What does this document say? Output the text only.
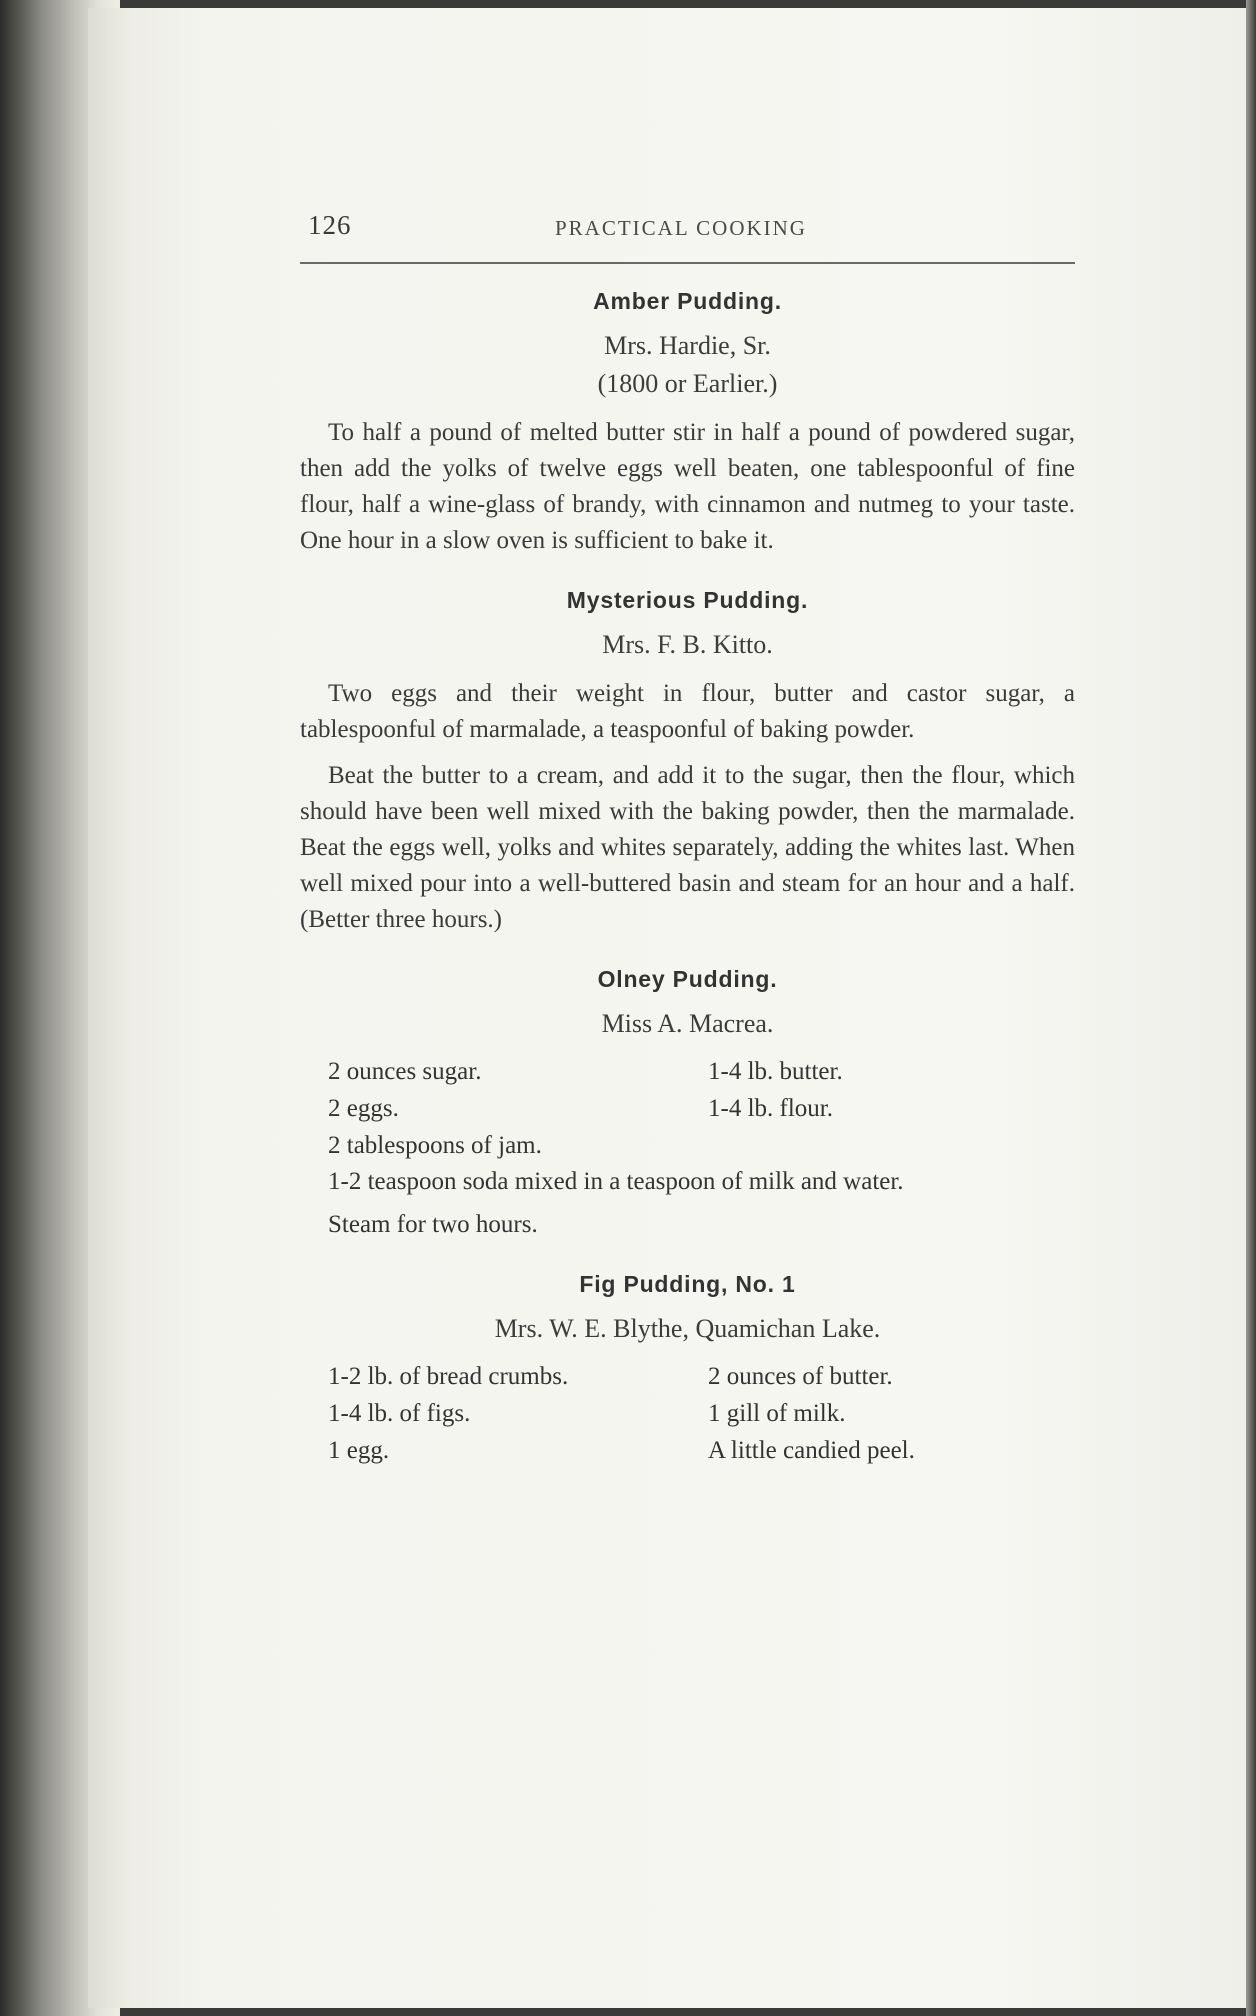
126	PRACTICAL COOKING
Amber Pudding.
Mrs. Hardie, Sr.
(1800 or Earlier.)

To half a pound of melted butter stir in half a pound of powdered sugar, then add the yolks of twelve eggs well beaten, one tablespoonful of fine flour, half a wine-glass of brandy, with cinnamon and nutmeg to your taste. One hour in a slow oven is sufficient to bake it.

Mysterious Pudding.
Mrs. F. B. Kitto.

Two eggs and their weight in flour, butter and castor sugar, a tablespoonful of marmalade, a teaspoonful of baking powder.

Beat the butter to a cream, and add it to the sugar, then the flour, which should have been well mixed with the baking powder, then the marmalade. Beat the eggs well, yolks and whites separately, adding the whites last. When well mixed pour into a well-buttered basin and steam for an hour and a half. (Better three hours.)

Olney Pudding.
Miss A. Macrea.
2 ounces sugar.	1-4 lb. butter.
2 eggs.	1-4 lb. flour.
2 tablespoons of jam.
1-2 teaspoon soda mixed in a teaspoon of milk and water.
Steam for two hours.
Fig Pudding, No. 1
Mrs. W. E. Blythe, Quamichan Lake.
1-2 lb. of bread crumbs.	2 ounces of butter.
1-4 lb. of figs.	1 gill of milk.
1 egg.	A little candied peel.
